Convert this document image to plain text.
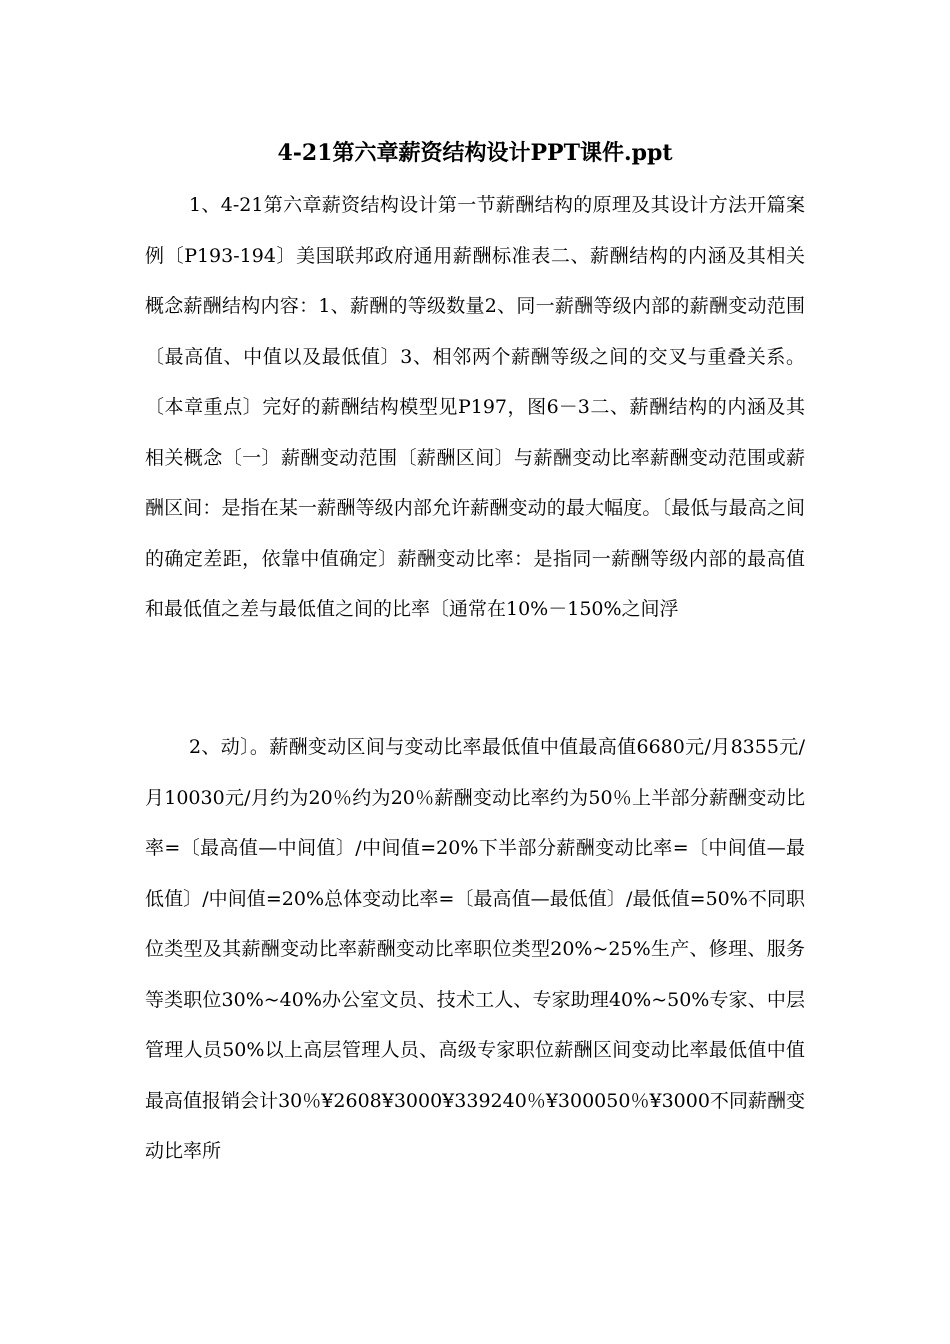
4-21第六章薪资结构设计PPT课件.ppt

1、4-21第六章薪资结构设计第一节薪酬结构的原理及其设计方法开篇案例〔P193-194〕美国联邦政府通用薪酬标准表二、薪酬结构的内涵及其相关概念薪酬结构内容：1、薪酬的等级数量2、同一薪酬等级内部的薪酬变动范围〔最高值、中值以及最低值〕3、相邻两个薪酬等级之间的交叉与重叠关系。〔本章重点〕完好的薪酬结构模型见P197，图6－3二、薪酬结构的内涵及其相关概念〔一〕薪酬变动范围〔薪酬区间〕与薪酬变动比率薪酬变动范围或薪酬区间：是指在某一薪酬等级内部允许薪酬变动的最大幅度。〔最低与最高之间的确定差距，依靠中值确定〕薪酬变动比率：是指同一薪酬等级内部的最高值和最低值之差与最低值之间的比率〔通常在10%－150%之间浮

2、动〕。薪酬变动区间与变动比率最低值中值最高值6680元/月8355元/月10030元/月约为20％约为20％薪酬变动比率约为50％上半部分薪酬变动比率=〔最高值—中间值〕/中间值=20%下半部分薪酬变动比率=〔中间值—最低值〕/中间值=20%总体变动比率=〔最高值—最低值〕/最低值=50%不同职位类型及其薪酬变动比率薪酬变动比率职位类型20%~25%生产、修理、服务等类职位30%~40%办公室文员、技术工人、专家助理40%~50%专家、中层管理人员50%以上高层管理人员、高级专家职位薪酬区间变动比率最低值中值最高值报销会计30％¥2608¥3000¥339240％¥300050％¥3000不同薪酬变动比率所
